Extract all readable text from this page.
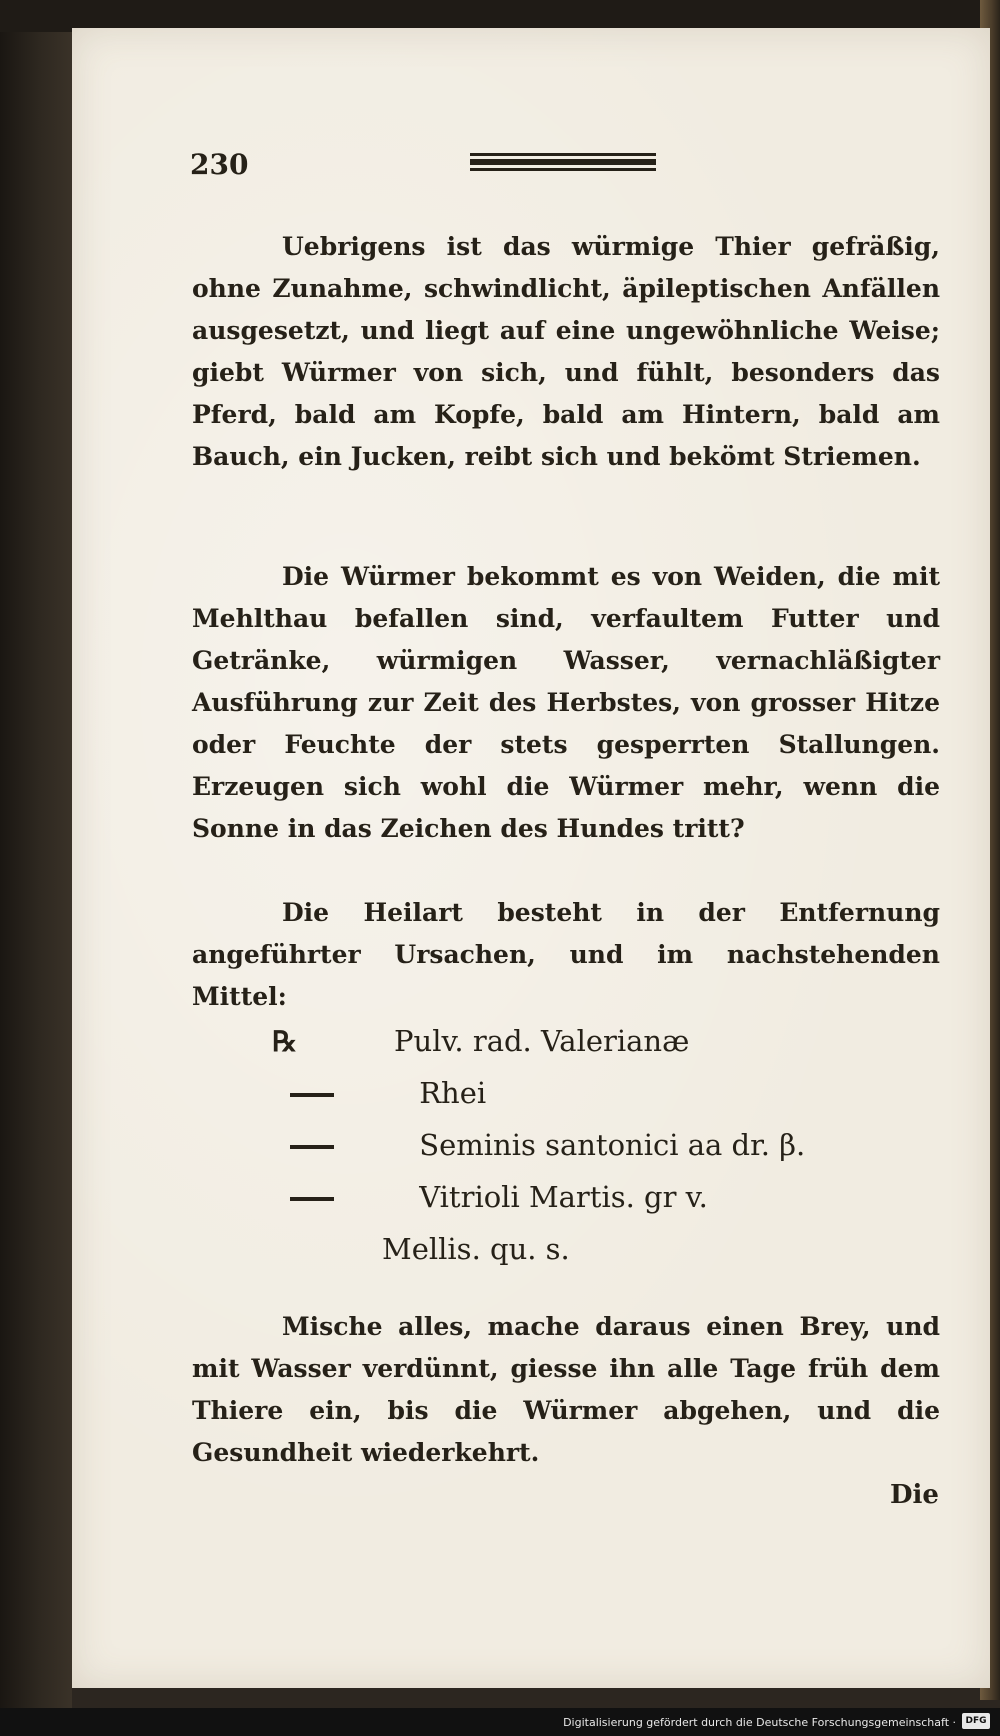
230
Uebrigens ist das würmige Thier gefräßig, ohne Zunahme, schwindlicht, äpileptischen Anfällen ausgesetzt, und liegt auf eine ungewöhnliche Weise; giebt Würmer von sich, und fühlt, besonders das Pferd, bald am Kopfe, bald am Hintern, bald am Bauch, ein Jucken, reibt sich und bekömt Striemen.
Die Würmer bekommt es von Weiden, die mit Mehlthau befallen sind, verfaultem Futter und Getränke, würmigen Wasser, vernachläßigter Ausführung zur Zeit des Herbstes, von grosser Hitze oder Feuchte der stets gesperrten Stallungen. Erzeugen sich wohl die Würmer mehr, wenn die Sonne in das Zeichen des Hundes tritt?
Die Heilart besteht in der Entfernung angeführter Ursachen, und im nachstehenden Mittel:
℞	Pulv. rad. Valerianæ
Rhei
Seminis santonici aa dr. β.
Vitrioli Martis. gr v.
Mellis. qu. s.
Mische alles, mache daraus einen Brey, und mit Wasser verdünnt, giesse ihn alle Tage früh dem Thiere ein, bis die Würmer abgehen, und die Gesundheit wiederkehrt.
Die
Digitalisierung gefördert durch die Deutsche Forschungsgemeinschaft ·	DFG
